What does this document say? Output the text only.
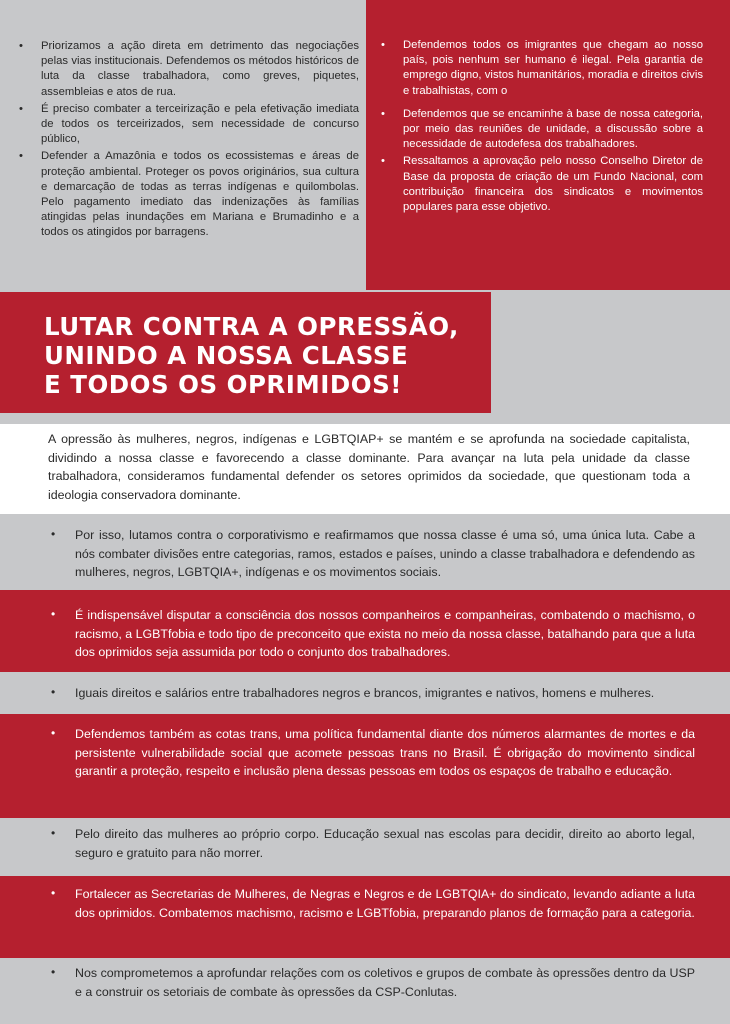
• Priorizamos a ação direta em detrimento das negociações pelas vias institucionais. Defendemos os métodos históricos de luta da classe trabalhadora, como greves, piquetes, assembleias e atos de rua.
• É preciso combater a terceirização e pela efetivação imediata de todos os terceirizados, sem necessidade de concurso público,
• Defender a Amazônia e todos os ecossistemas e áreas de proteção ambiental. Proteger os povos originários, sua cultura e demarcação de todas as terras indígenas e quilombolas. Pelo pagamento imediato das indenizações às famílias atingidas pelas inundações em Mariana e Brumadinho e a todos os atingidos por barragens.
• Defendemos todos os imigrantes que chegam ao nosso país, pois nenhum ser humano é ilegal. Pela garantia de emprego digno, vistos humanitários, moradia e direitos civis e trabalhistas, com o
• Defendemos que se encaminhe à base de nossa categoria, por meio das reuniões de unidade, a discussão sobre a necessidade de autodefesa dos trabalhadores.
• Ressaltamos a aprovação pelo nosso Conselho Diretor de Base da proposta de criação de um Fundo Nacional, com contribuição financeira dos sindicatos e movimentos populares para esse objetivo.
LUTAR CONTRA A OPRESSÃO,
UNINDO A NOSSA CLASSE
E TODOS OS OPRIMIDOS!

A opressão às mulheres, negros, indígenas e LGBTQIAP+ se mantém e se aprofunda na sociedade capitalista, dividindo a nossa classe e favorecendo a classe dominante. Para avançar na luta pela unidade da classe trabalhadora, consideramos fundamental defender os setores oprimidos da sociedade, que questionam toda a ideologia conservadora dominante.

• Por isso, lutamos contra o corporativismo e reafirmamos que nossa classe é uma só, uma única luta. Cabe a nós combater divisões entre categorias, ramos, estados e países, unindo a classe trabalhadora e defendendo as mulheres, negros, LGBTQIA+, indígenas e os movimentos sociais.

• É indispensável disputar a consciência dos nossos companheiros e companheiras, combatendo o machismo, o racismo, a LGBTfobia e todo tipo de preconceito que exista no meio da nossa classe, batalhando para que a luta dos oprimidos seja assumida por todo o conjunto dos trabalhadores.

• Iguais direitos e salários entre trabalhadores negros e brancos, imigrantes e nativos, homens e mulheres.

• Defendemos também as cotas trans, uma política fundamental diante dos números alarmantes de mortes e da persistente vulnerabilidade social que acomete pessoas trans no Brasil. É obrigação do movimento sindical garantir a proteção, respeito e inclusão plena dessas pessoas em todos os espaços de trabalho e educação.

• Pelo direito das mulheres ao próprio corpo. Educação sexual nas escolas para decidir, direito ao aborto legal, seguro e gratuito para não morrer.

• Fortalecer as Secretarias de Mulheres, de Negras e Negros e de LGBTQIA+ do sindicato, levando adiante a luta dos oprimidos. Combatemos machismo, racismo e LGBTfobia, preparando planos de formação para a categoria.

• Nos comprometemos a aprofundar relações com os coletivos e grupos de combate às opressões dentro da USP e a construir os setoriais de combate às opressões da CSP-Conlutas.
